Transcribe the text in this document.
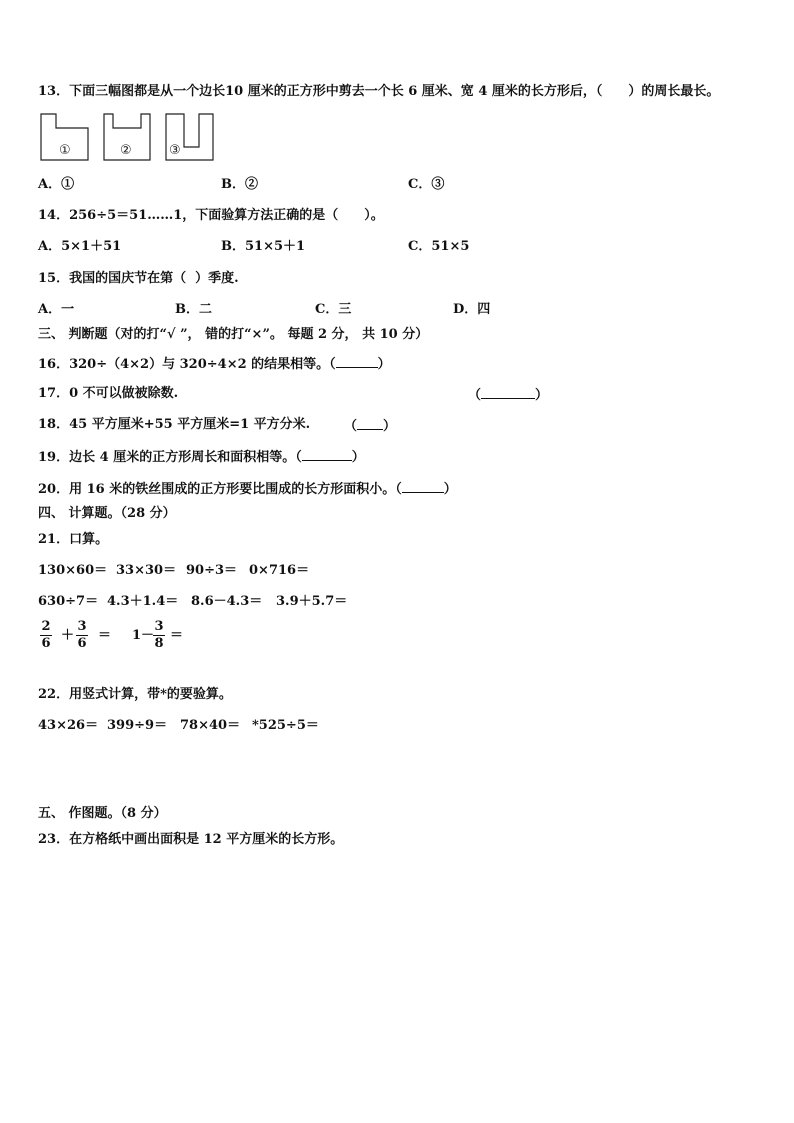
13．下面三幅图都是从一个边长10 厘米的正方形中剪去一个长 6 厘米、宽 4 厘米的长方形后，（　　）的周长最长。
①	②	③
A．①	B．②	C．③
14．256÷5＝51……1，下面验算方法正确的是（　　）。
A．5×1＋51	B．51×5＋1	C．51×5
15．我国的国庆节在第（  ）季度.
A．一	B．二	C．三	D．四
三、 判断题（对的打“√ ”， 错的打“×”。 每题 2 分， 共 10 分）
16．320÷（4×2）与 320÷4×2 的结果相等。（	）
17．0 不可以做被除数.	（	）
18．45 平方厘米+55 平方厘米=1 平方分米.	（ ）
19．边长 4 厘米的正方形周长和面积相等。（	）
20．用 16 米的铁丝围成的正方形要比围成的长方形面积小。（	）
四、 计算题。（28 分）
21．口算。
130×60＝ 33×30＝ 90÷3＝ 0×716＝
630÷7＝ 4.3＋1.4＝ 8.6－4.3＝ 3.9＋5.7＝
2
6
＋
3
6
＝ 1－
3
8
＝
22．用竖式计算，带*的要验算。
43×26＝ 399÷9＝ 78×40＝ *525÷5＝
五、 作图题。（8 分）
23．在方格纸中画出面积是 12 平方厘米的长方形。
